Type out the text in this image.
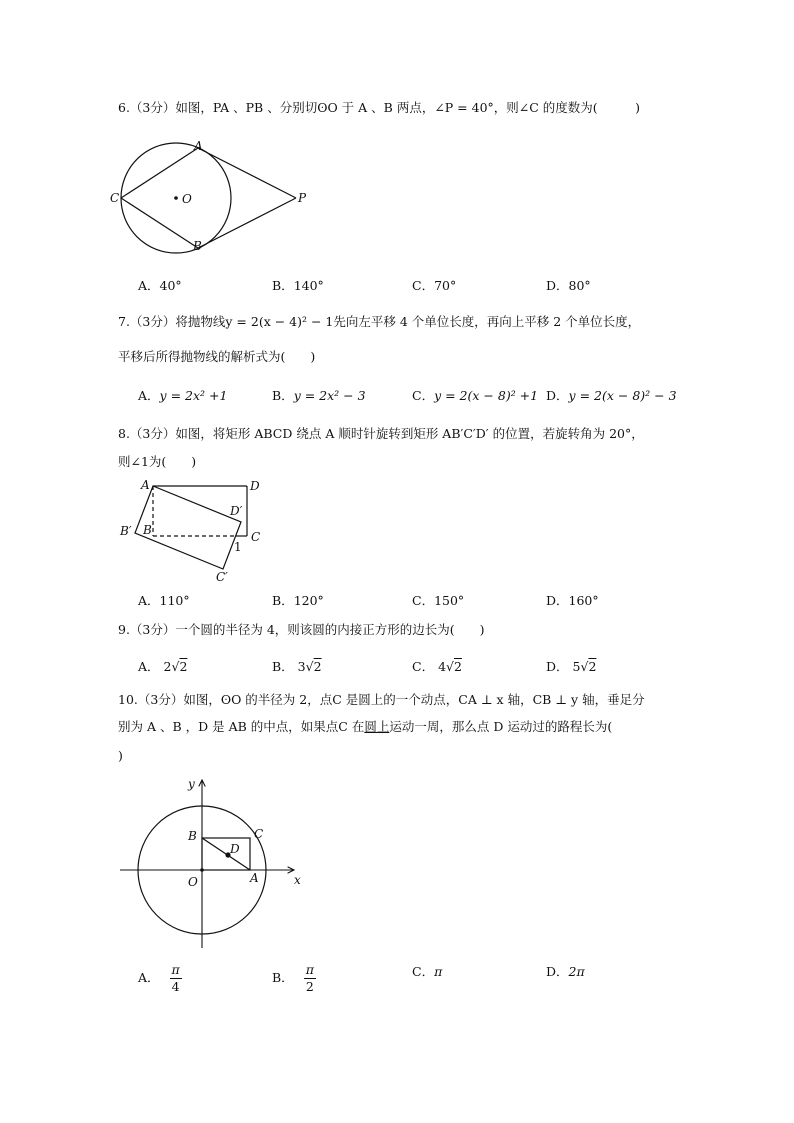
6.（3分）如图，PA 、PB 、分别切ʘO 于 A 、B 两点，∠P = 40°，则∠C 的度数为(　　　)
A
B
C	O	P
A．40°	B．140°	C．70°	D．80°
7.（3分）将抛物线y = 2(x − 4)² − 1先向左平移 4 个单位长度，再向上平移 2 个单位长度，
平移后所得抛物线的解析式为(　　)
A．y = 2x² +1	B．y = 2x² − 3	C．y = 2(x − 8)² +1 D．y = 2(x − 8)² − 3
8.（3分）如图，将矩形 ABCD 绕点 A 顺时针旋转到矩形 AB′C′D′ 的位置，若旋转角为 20°，
则∠1为(　　)
A	D
C
B
B′
C′
D′
1
A．110°	B．120°	C．150°	D．160°
9.（3分）一个圆的半径为 4，则该圆的内接正方形的边长为(　　)
A． 2√2	B． 3√2	C． 4√2	D． 5√2
10.（3分）如图，ʘO 的半径为 2，点C 是圆上的一个动点，CA ⊥ x 轴，CB ⊥ y 轴，垂足分
别为 A 、B ，D 是 AB 的中点，如果点C 在圆上运动一周，那么点 D 运动过的路程长为(
)
x
y
O	A
B	C
D
A． $\frac{\pi}{4}$	B． $\frac{\pi}{2}$	C．π	D．2π
